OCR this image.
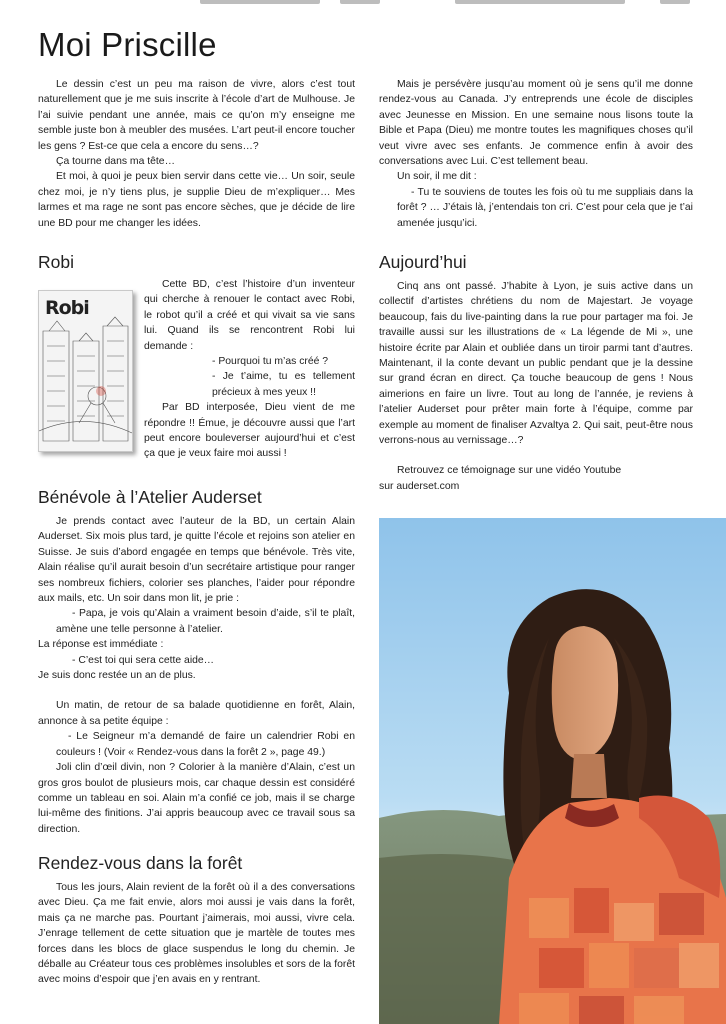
Moi Priscille

Le dessin c’est un peu ma raison de vivre, alors c’est tout naturellement que je me suis inscrite à l’école d’art de Mulhouse. Je l’ai suivie pendant une année, mais ce qu’on m’y enseigne me semble juste bon à meubler des musées. L’art peut-il encore toucher les gens ? Est-ce que cela a encore du sens…?

Ça tourne dans ma tête…

Et moi, à quoi je peux bien servir dans cette vie… Un soir, seule chez moi, je n’y tiens plus, je supplie Dieu de m’expliquer… Mes larmes et ma rage ne sont pas encore sèches, que je décide de lire une BD pour me changer les idées.

Mais je persévère jusqu’au moment où je sens qu’il me donne rendez-vous au Canada. J’y entreprends une école de disciples avec Jeunesse en Mission. En une semaine nous lisons toute la Bible et Papa (Dieu) me montre toutes les magnifiques choses qu’il veut vivre avec ses enfants. Je commence enfin à avoir des conversations avec Lui. C’est tellement beau.

Un soir, il me dit :

- Tu te souviens de toutes les fois où tu me suppliais dans la forêt ? … J’étais là, j’entendais ton cri. C’est pour cela que je t’ai amenée jusqu’ici.

Robi
Robi

Cette BD, c’est l’histoire d’un inventeur qui cherche à renouer le contact avec Robi, le robot qu’il a créé et qui vivait sa vie sans lui. Quand ils se rencontrent Robi lui demande :

- Pourquoi tu m’as créé ?

- Je t’aime, tu es tellement précieux à mes yeux !!

Par BD interposée, Dieu vient de me répondre !! Émue, je découvre aussi que l’art peut encore bouleverser aujourd’hui et c’est ça que je veux faire moi aussi !

Aujourd’hui

Cinq ans ont passé. J’habite à Lyon, je suis active dans un collectif d’artistes chrétiens du nom de Majestart. Je voyage beaucoup, fais du live-painting dans la rue pour partager ma foi. Je travaille aussi sur les illustrations de « La légende de Mi », une histoire écrite par Alain et oubliée dans un tiroir parmi tant d’autres. Maintenant, il la conte devant un public pendant que je la dessine sur grand écran en direct. Ça touche beaucoup de gens ! Nous aimerions en faire un livre. Tout au long de l’année, je reviens à l’atelier Auderset pour prêter main forte à l’équipe, comme par exemple au moment de finaliser Azvaltya 2. Qui sait, peut-être nous verrons-nous au vernissage…?

Retrouvez ce témoignage sur une vidéo Youtube

sur auderset.com

Bénévole à l’Atelier Auderset

Je prends contact avec l’auteur de la BD, un certain Alain Auderset. Six mois plus tard, je quitte l’école et rejoins son atelier en Suisse. Je suis d’abord engagée en temps que bénévole. Très vite, Alain réalise qu’il aurait besoin d’un secrétaire artistique pour ranger ses nombreux fichiers, colorier ses planches, l’aider pour répondre aux mails, etc. Un soir dans mon lit, je prie :

- Papa, je vois qu’Alain a vraiment besoin d’aide, s’il te plaît, amène une telle personne à l’atelier.

La réponse est immédiate :

- C’est toi qui sera cette aide…

Je suis donc restée un an de plus.

Un matin, de retour de sa balade quotidienne en forêt, Alain, annonce à sa petite équipe :

- Le Seigneur m’a demandé de faire un calendrier Robi en couleurs ! (Voir « Rendez-vous dans la forêt 2 », page 49.)

Joli clin d’œil divin, non ? Colorier à la manière d’Alain, c’est un gros gros boulot de plusieurs mois, car chaque dessin est considéré comme un tableau en soi. Alain m’a confié ce job, mais il se charge lui-même des finitions. J’ai appris beaucoup avec ce travail sous sa direction.

Rendez-vous dans la forêt

Tous les jours, Alain revient de la forêt où il a des conversations avec Dieu. Ça me fait envie, alors moi aussi je vais dans la forêt, mais ça ne marche pas. Pourtant j’aimerais, moi aussi, vivre cela. J’enrage tellement de cette situation que je martèle de toutes mes forces dans les blocs de glace suspendus le long du chemin. Je déballe au Créateur tous ces problèmes insolubles et sors de la forêt avec moins d’espoir que j’en avais en y rentrant.
